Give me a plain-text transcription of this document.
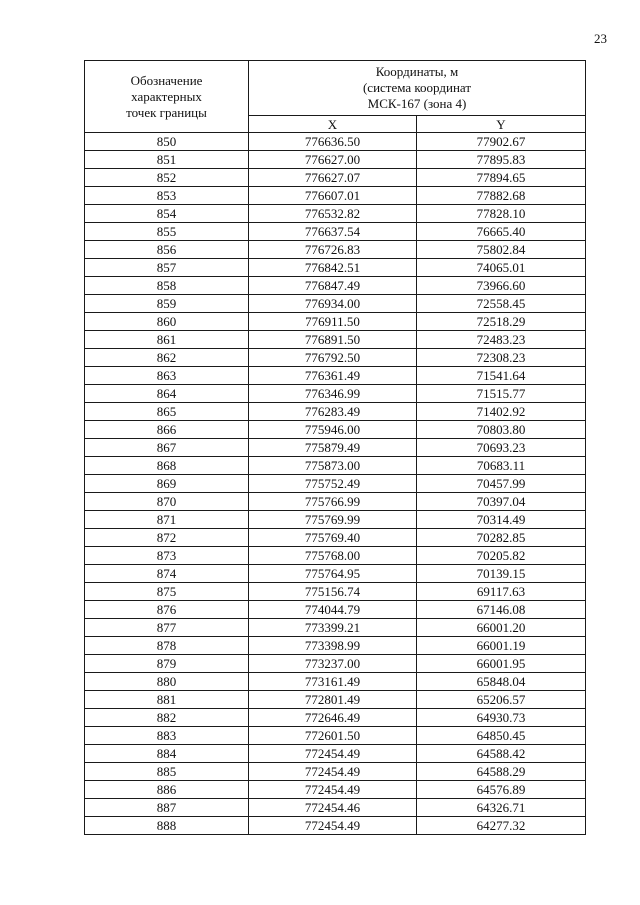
23
Обозначение
характерных
точек границы	Координаты, м
(система координат
МСК-167 (зона 4)	

	X	Y
850	776636.50	77902.67
851	776627.00	77895.83
852	776627.07	77894.65
853	776607.01	77882.68
854	776532.82	77828.10
855	776637.54	76665.40
856	776726.83	75802.84
857	776842.51	74065.01
858	776847.49	73966.60
859	776934.00	72558.45
860	776911.50	72518.29
861	776891.50	72483.23
862	776792.50	72308.23
863	776361.49	71541.64
864	776346.99	71515.77
865	776283.49	71402.92
866	775946.00	70803.80
867	775879.49	70693.23
868	775873.00	70683.11
869	775752.49	70457.99
870	775766.99	70397.04
871	775769.99	70314.49
872	775769.40	70282.85
873	775768.00	70205.82
874	775764.95	70139.15
875	775156.74	69117.63
876	774044.79	67146.08
877	773399.21	66001.20
878	773398.99	66001.19
879	773237.00	66001.95
880	773161.49	65848.04
881	772801.49	65206.57
882	772646.49	64930.73
883	772601.50	64850.45
884	772454.49	64588.42
885	772454.49	64588.29
886	772454.49	64576.89
887	772454.46	64326.71
888	772454.49	64277.32
